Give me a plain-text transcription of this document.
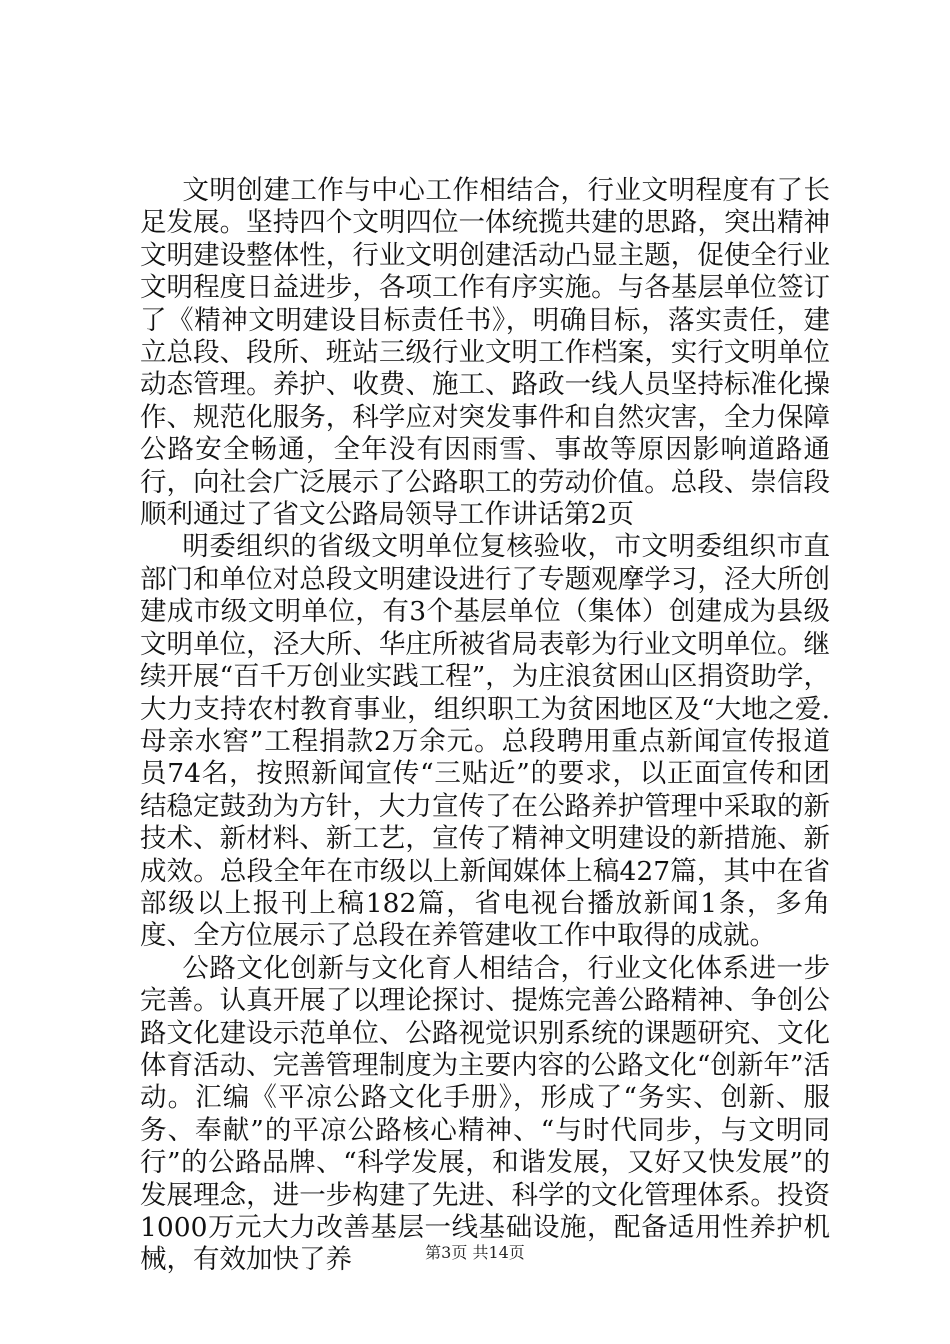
文明创建工作与中心工作相结合，行业文明程度有了长足发展。坚持四个文明四位一体统揽共建的思路，突出精神文明建设整体性，行业文明创建活动凸显主题，促使全行业文明程度日益进步，各项工作有序实施。与各基层单位签订了《精神文明建设目标责任书》，明确目标，落实责任，建立总段、段所、班站三级行业文明工作档案，实行文明单位动态管理。养护、收费、施工、路政一线人员坚持标准化操作、规范化服务，科学应对突发事件和自然灾害，全力保障公路安全畅通，全年没有因雨雪、事故等原因影响道路通行，向社会广泛展示了公路职工的劳动价值。总段、崇信段顺利通过了省文公路局领导工作讲话第2页

明委组织的省级文明单位复核验收，市文明委组织市直部门和单位对总段文明建设进行了专题观摩学习，泾大所创建成市级文明单位，有3个基层单位（集体）创建成为县级文明单位，泾大所、华庄所被省局表彰为行业文明单位。继续开展“百千万创业实践工程”，为庄浪贫困山区捐资助学，大力支持农村教育事业，组织职工为贫困地区及“大地之爱.母亲水窖”工程捐款2万余元。总段聘用重点新闻宣传报道员74名，按照新闻宣传“三贴近”的要求，以正面宣传和团结稳定鼓劲为方针，大力宣传了在公路养护管理中采取的新技术、新材料、新工艺，宣传了精神文明建设的新措施、新成效。总段全年在市级以上新闻媒体上稿427篇，其中在省部级以上报刊上稿182篇，省电视台播放新闻1条，多角度、全方位展示了总段在养管建收工作中取得的成就。

公路文化创新与文化育人相结合，行业文化体系进一步完善。认真开展了以理论探讨、提炼完善公路精神、争创公路文化建设示范单位、公路视觉识别系统的课题研究、文化体育活动、完善管理制度为主要内容的公路文化“创新年”活动。汇编《平凉公路文化手册》，形成了“务实、创新、服务、奉献”的平凉公路核心精神、“与时代同步，与文明同行”的公路品牌、“科学发展，和谐发展，又好又快发展”的发展理念，进一步构建了先进、科学的文化管理体系。投资1000万元大力改善基层一线基础设施，配备适用性养护机械，有效加快了养	第3页 共14页
